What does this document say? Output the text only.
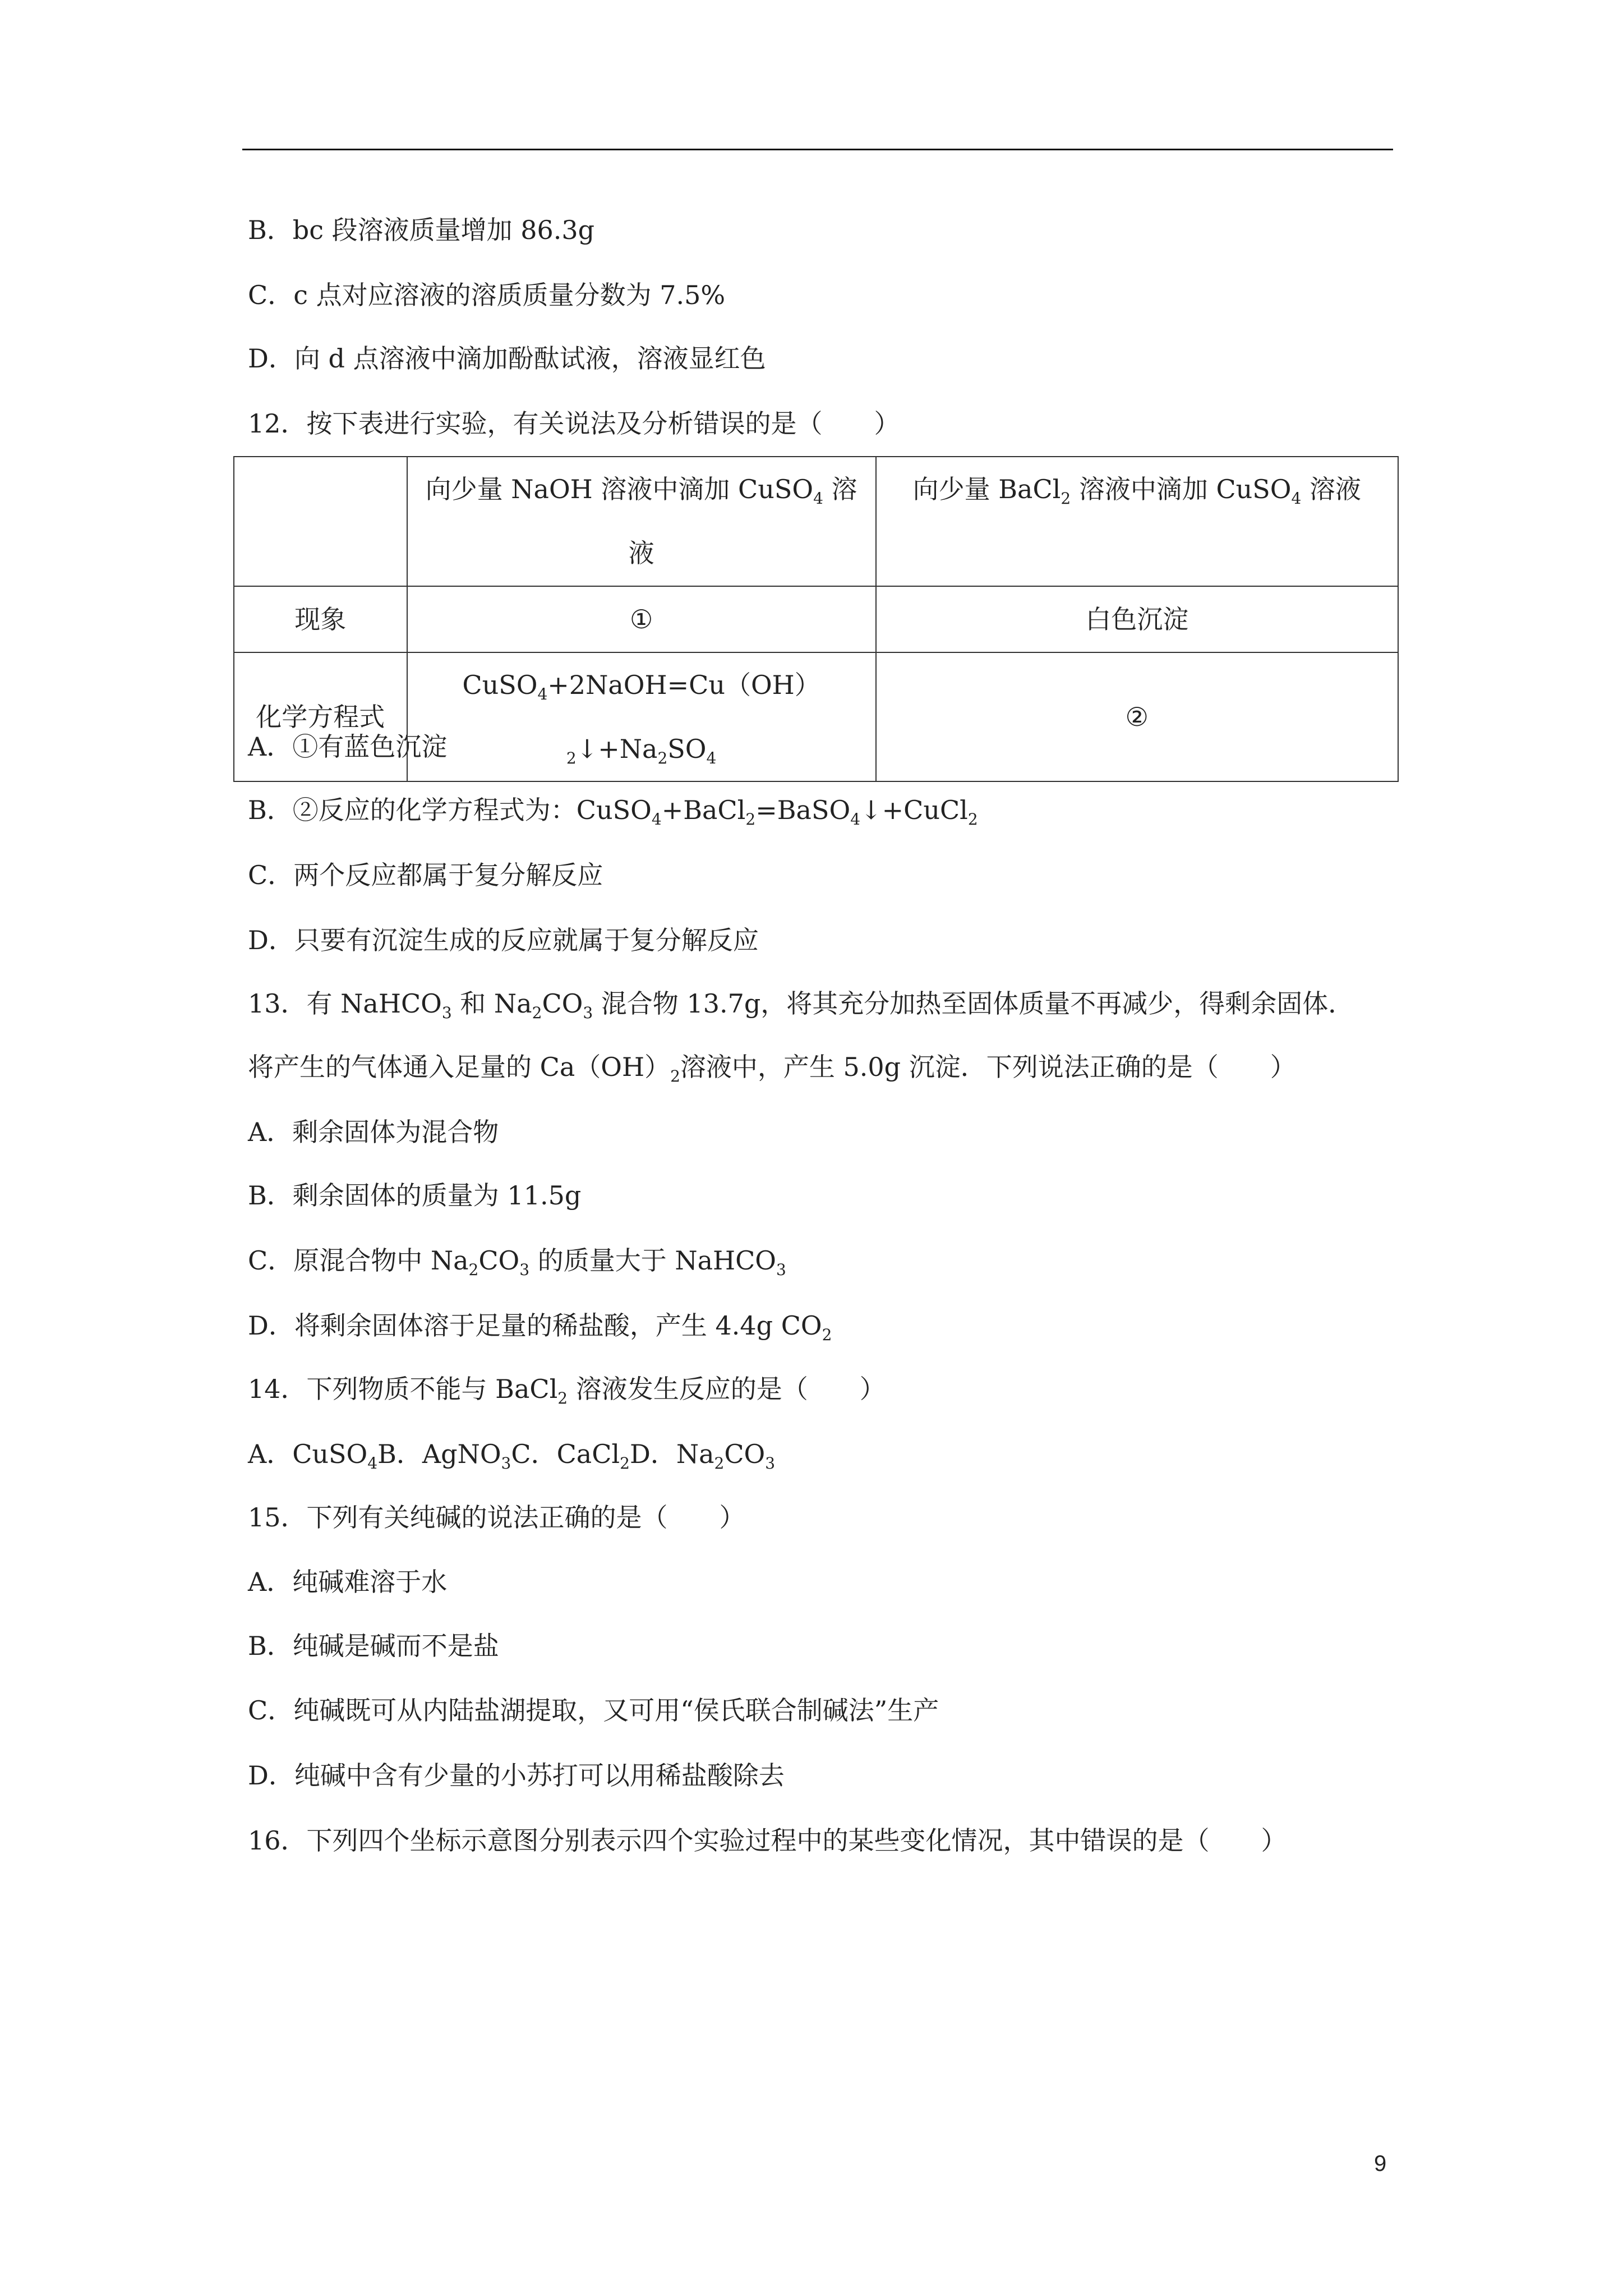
B．bc 段溶液质量增加 86.3g
C．c 点对应溶液的溶质质量分数为 7.5%
D．向 d 点溶液中滴加酚酞试液，溶液显红色
12．按下表进行实验，有关说法及分析错误的是（　　）
A．①有蓝色沉淀
B．②反应的化学方程式为：CuSO$_4$+BaCl$_2$=BaSO$_4$↓+CuCl$_2$
C．两个反应都属于复分解反应
D．只要有沉淀生成的反应就属于复分解反应
13．有 NaHCO$_3$ 和 $Na_2CO_3$ 混合物 13.7g，将其充分加热至固体质量不再减少，得剩余固体．
将产生的气体通入足量的 $Ca(OH)_2$溶液中，产生 5.0g 沉淀．下列说法正确的是（　　）
A．剩余固体为混合物
B．剩余固体的质量为 11.5g
C．原混合物中 $Na_2CO_3$ 的质量大于 NaHCO$_3$
D．将剩余固体溶于足量的稀盐酸，产生 4.4g $CO_2$
14．下列物质不能与 BaCl$_2$ 溶液发生反应的是（　　）
A．CuSO$_4$B．AgNO$_3$C．CaCl$_2$D．$Na_2CO_3$
15．下列有关纯碱的说法正确的是（　　）
A．纯碱难溶于水
B．纯碱是碱而不是盐
C．纯碱既可从内陆盐湖提取，又可用“侯氏联合制碱法”生产
D．纯碱中含有少量的小苏打可以用稀盐酸除去
16．下列四个坐标示意图分别表示四个实验过程中的某些变化情况，其中错误的是（　　）
	向少量 NaOH 溶液中滴加 CuSO$_4$ 溶液	向少量 BaCl$_2$ 溶液中滴加 CuSO$_4$ 溶液
现象	①	白色沉淀
化学方程式	$CuSO_4+2NaOH=Cu(OH)_2↓+Na_2SO_4$	②
9
